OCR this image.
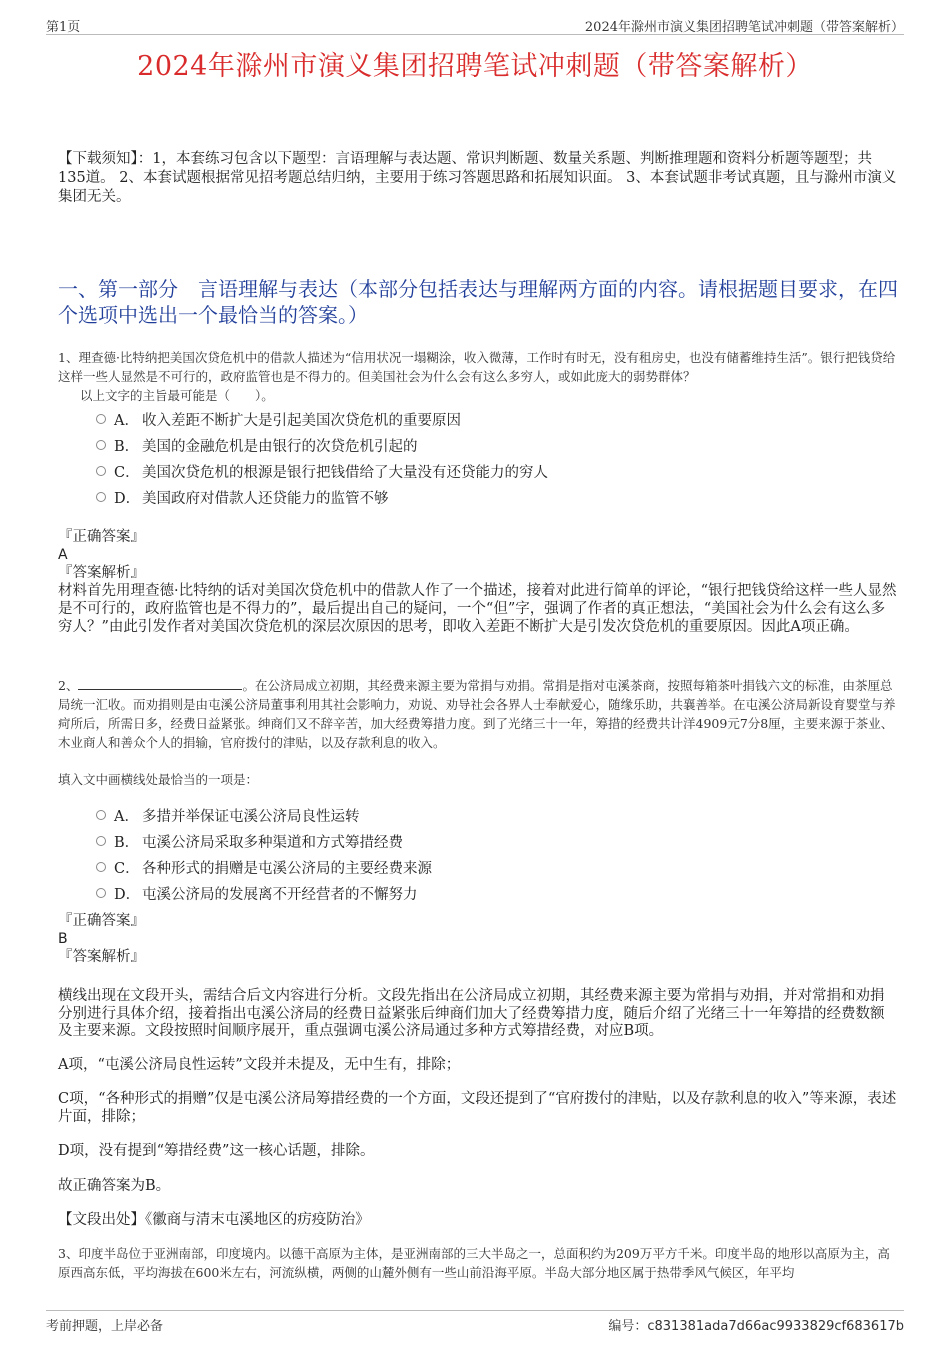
第1页	2024年滁州市演义集团招聘笔试冲刺题（带答案解析）
2024年滁州市演义集团招聘笔试冲刺题（带答案解析）
【下载须知】：1，本套练习包含以下题型：言语理解与表达题、常识判断题、数量关系题、判断推理题和资料分析题等题型；共135道。 2、本套试题根据常见招考题总结归纳，主要用于练习答题思路和拓展知识面。 3、本套试题非考试真题，且与滁州市演义集团无关。
一、第一部分　言语理解与表达（本部分包括表达与理解两方面的内容。请根据题目要求，在四个选项中选出一个最恰当的答案。）
1、理查德·比特纳把美国次贷危机中的借款人描述为“信用状况一塌糊涂，收入微薄，工作时有时无，没有租房史，也没有储蓄维持生活”。银行把钱贷给这样一些人显然是不可行的，政府监管也是不得力的。但美国社会为什么会有这么多穷人，或如此庞大的弱势群体？
以上文字的主旨最可能是（　　）。
A． 收入差距不断扩大是引起美国次贷危机的重要原因
B． 美国的金融危机是由银行的次贷危机引起的
C． 美国次贷危机的根源是银行把钱借给了大量没有还贷能力的穷人
D． 美国政府对借款人还贷能力的监管不够
『正确答案』
A
『答案解析』
材料首先用理查德·比特纳的话对美国次贷危机中的借款人作了一个描述，接着对此进行简单的评论，“银行把钱贷给这样一些人显然是不可行的，政府监管也是不得力的”，最后提出自己的疑问，一个“但”字，强调了作者的真正想法，“美国社会为什么会有这么多穷人？”由此引发作者对美国次贷危机的深层次原因的思考，即收入差距不断扩大是引发次贷危机的重要原因。因此A项正确。
2、	。在公济局成立初期，其经费来源主要为常捐与劝捐。常捐是指对屯溪茶商，按照每箱茶叶捐钱六文的标准，由茶厘总局统一汇收。而劝捐则是由屯溪公济局董事利用其社会影响力，劝说、劝导社会各界人士奉献爱心，随缘乐助，共襄善举。在屯溪公济局新设育婴堂与养疴所后，所需日多，经费日益紧张。绅商们又不辞辛苦，加大经费筹措力度。到了光绪三十一年，筹措的经费共计洋4909元7分8厘，主要来源于茶业、木业商人和善众个人的捐输，官府拨付的津贴，以及存款利息的收入。
填入文中画横线处最恰当的一项是：
A． 多措并举保证屯溪公济局良性运转
B． 屯溪公济局采取多种渠道和方式筹措经费
C． 各种形式的捐赠是屯溪公济局的主要经费来源
D． 屯溪公济局的发展离不开经营者的不懈努力
『正确答案』
B
『答案解析』

横线出现在文段开头，需结合后文内容进行分析。文段先指出在公济局成立初期，其经费来源主要为常捐与劝捐，并对常捐和劝捐分别进行具体介绍，接着指出屯溪公济局的经费日益紧张后绅商们加大了经费筹措力度，随后介绍了光绪三十一年筹措的经费数额及主要来源。文段按照时间顺序展开，重点强调屯溪公济局通过多种方式筹措经费，对应B项。

A项，“屯溪公济局良性运转”文段并未提及，无中生有，排除；

C项，“各种形式的捐赠”仅是屯溪公济局筹措经费的一个方面，文段还提到了“官府拨付的津贴，以及存款利息的收入”等来源，表述片面，排除；

D项，没有提到“筹措经费”这一核心话题，排除。

故正确答案为B。

【文段出处】《徽商与清末屯溪地区的疠疫防治》

3、印度半岛位于亚洲南部，印度境内。以德干高原为主体，是亚洲南部的三大半岛之一，总面积约为209万平方千米。印度半岛的地形以高原为主，高原西高东低，平均海拔在600米左右，河流纵横，两侧的山麓外侧有一些山前沿海平原。半岛大部分地区属于热带季风气候区，年平均
考前押题，上岸必备	编号：c831381ada7d66ac9933829cf683617b
